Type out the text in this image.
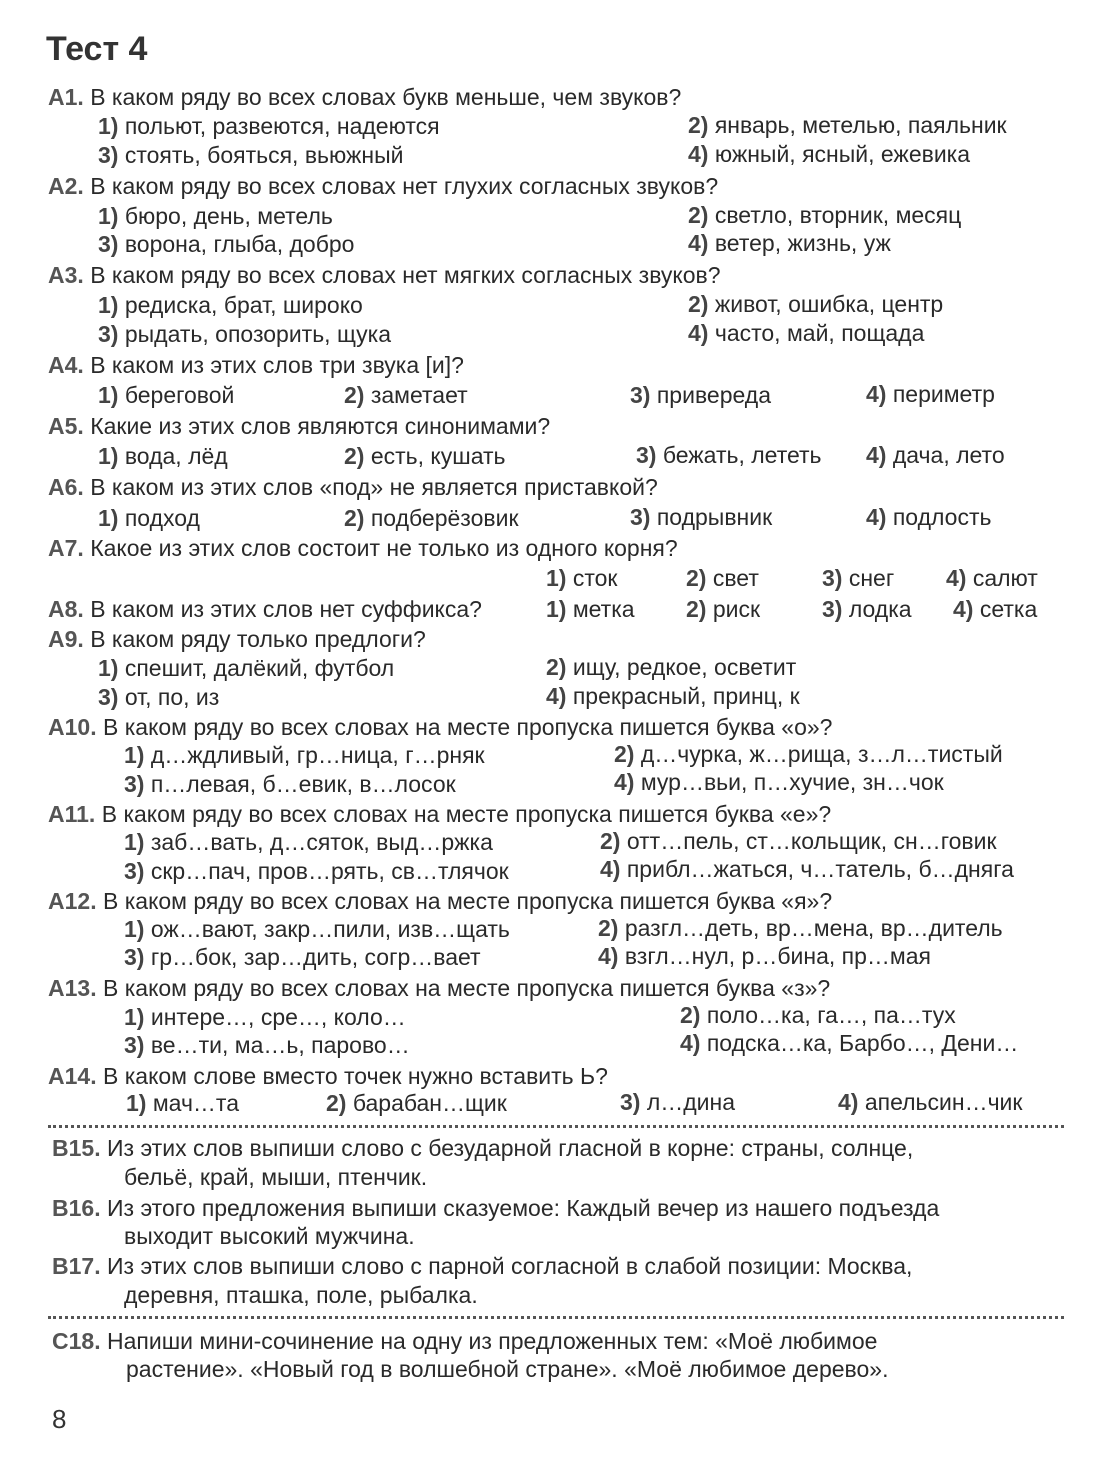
Тест 4
A1. В каком ряду во всех словах букв меньше, чем звуков?
1) польют, развеются, надеются	2) январь, метелью, паяльник
3) стоять, бояться, вьюжный	4) южный, ясный, ежевика
A2. В каком ряду во всех словах нет глухих согласных звуков?
1) бюро, день, метель	2) светло, вторник, месяц
3) ворона, глыба, добро	4) ветер, жизнь, уж
A3. В каком ряду во всех словах нет мягких согласных звуков?
1) редиска, брат, широко	2) живот, ошибка, центр
3) рыдать, опозорить, щука	4) часто, май, пощада
A4. В каком из этих слов три звука [и]?
1) береговой	2) заметает	3) привереда	4) периметр
A5. Какие из этих слов являются синонимами?
1) вода, лёд	2) есть, кушать	3) бежать, лететь 4) дача, лето
A6. В каком из этих слов «под» не является приставкой?
1) подход	2) подберёзовик	3) подрывник	4) подлость
A7. Какое из этих слов состоит не только из одного корня?
1) сток	2) свет	3) снег 4) салют
A8. В каком из этих слов нет суффикса?	1) метка 2) риск	3) лодка 4) сетка
A9. В каком ряду только предлоги?
1) спешит, далёкий, футбол	2) ищу, редкое, осветит
3) от, по, из	4) прекрасный, принц, к
A10. В каком ряду во всех словах на месте пропуска пишется буква «о»?
1) д…ждливый, гр…ница, г…рняк	2) д…чурка, ж…рища, з…л…тистый
3) п…левая, б…евик, в…лосок	4) мур…вьи, п…хучие, зн…чок
A11. В каком ряду во всех словах на месте пропуска пишется буква «е»?
1) заб…вать, д…сяток, выд…ржка	2) отт…пель, ст…кольщик, сн…говик
3) скр…пач, пров…рять, св…тлячок	4) прибл…жаться, ч…татель, б…дняга
A12. В каком ряду во всех словах на месте пропуска пишется буква «я»?
1) ож…вают, закр…пили, изв…щать	2) разгл…деть, вр…мена, вр…дитель
3) гр…бок, зар…дить, согр…вает	4) взгл…нул, р…бина, пр…мая
A13. В каком ряду во всех словах на месте пропуска пишется буква «з»?
1) интере…, сре…, коло…	2) поло…ка, га…, па…тух
3) ве…ти, ма…ь, парово…	4) подска…ка, Барбо…, Дени…
A14. В каком слове вместо точек нужно вставить Ь?
1) мач…та	2) барабан…щик	3) л…дина	4) апельсин…чик
B15. Из этих слов выпиши слово с безударной гласной в корне: страны, солнце,
бельё, край, мыши, птенчик.
B16. Из этого предложения выпиши сказуемое: Каждый вечер из нашего подъезда
выходит высокий мужчина.
B17. Из этих слов выпиши слово с парной согласной в слабой позиции: Москва,
деревня, пташка, поле, рыбалка.
C18. Напиши мини-сочинение на одну из предложенных тем: «Моё любимое
растение». «Новый год в волшебной стране». «Моё любимое дерево».
8
